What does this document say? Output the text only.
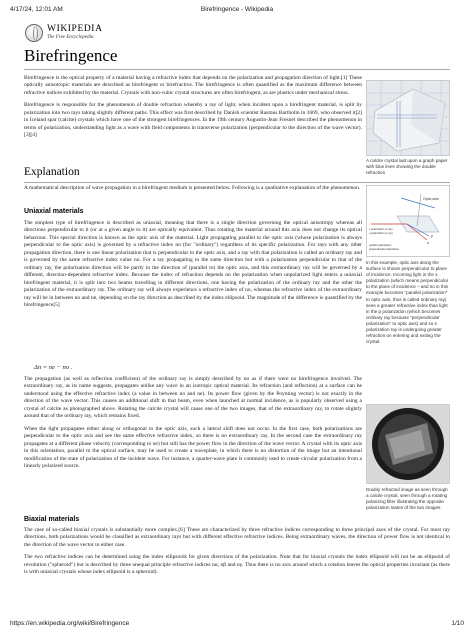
4/17/24, 12:01 AM	Birefringence - Wikipedia
WIKIPEDIA
The Free Encyclopedia
Birefringence

Birefringence is the optical property of a material having a refractive index that depends on the polarization and propagation direction of light.[1] These optically anisotropic materials are described as birefringent or birefractive. The birefringence is often quantified as the maximum difference between refractive indices exhibited by the material. Crystals with non-cubic crystal structures are often birefringent, as are plastics under mechanical stress.

Birefringence is responsible for the phenomenon of double refraction whereby a ray of light, when incident upon a birefringent material, is split by polarization into two rays taking slightly different paths. This effect was first described by Danish scientist Rasmus Bartholin in 1669, who observed it[2] in Iceland spar (calcite) crystals which have one of the strongest birefringences. In the 19th century Augustin-Jean Fresnel described the phenomenon in terms of polarization, understanding light as a wave with field components in transverse polarization (perpendicular to the direction of the wave vector).[3][4]

A calcite crystal laid upon a graph paper with blue lines showing the double refraction
Explanation

A mathematical description of wave propagation in a birefringent medium is presented below. Following is a qualitative explanation of the phenomenon.

Uniaxial materials

The simplest type of birefringence is described as uniaxial, meaning that there is a single direction governing the optical anisotropy whereas all directions perpendicular to it (or at a given angle to it) are optically equivalent. Thus rotating the material around this axis does not change its optical behaviour. This special direction is known as the optic axis of the material. Light propagating parallel to the optic axis (whose polarization is always perpendicular to the optic axis) is governed by a refractive index no (for "ordinary") regardless of its specific polarization. For rays with any other propagation direction, there is one linear polarization that is perpendicular to the optic axis, and a ray with that polarization is called an ordinary ray and is governed by the same refractive index value no. For a ray propagating in the same direction but with a polarization perpendicular to that of the ordinary ray, the polarization direction will be partly in the direction of (parallel to) the optic axis, and this extraordinary ray will be governed by a different, direction-dependent refractive index. Because the index of refraction depends on the polarization when unpolarized light enters a uniaxial birefringent material, it is split into two beams travelling in different directions, one having the polarization of the ordinary ray and the other the polarization of the extraordinary ray. The ordinary ray will always experience a refractive index of no, whereas the refractive index of the extraordinary ray will be in between no and ne, depending on the ray direction as described by the index ellipsoid. The magnitude of the difference is quantified by the birefringence[5]

Δn = ne − no .

The propagation (as well as reflection coefficient) of the ordinary ray is simply described by no as if there were no birefringence involved. The extraordinary ray, as its name suggests, propagates unlike any wave in an isotropic optical material. Its refraction (and reflection) at a surface can be understood using the effective refractive index (a value in between no and ne). Its power flow (given by the Poynting vector) is not exactly in the direction of the wave vector. This causes an additional shift in that beam, even when launched at normal incidence, as is popularly observed using a crystal of calcite as photographed above. Rotating the calcite crystal will cause one of the two images, that of the extraordinary ray, to rotate slightly around that of the ordinary ray, which remains fixed.

When the light propagates either along or orthogonal to the optic axis, such a lateral shift does not occur. In the first case, both polarizations are perpendicular to the optic axis and see the same effective refractive index, so there is no extraordinary ray. In the second case the extraordinary ray propagates at a different phase velocity (corresponding to ne) but still has the power flow in the direction of the wave vector. A crystal with its optic axis in this orientation, parallel to the optical surface, may be used to create a waveplate, in which there is no distortion of the image but an intentional modification of the state of polarization of the incident wave. For instance, a quarter-wave plate is commonly used to create circular polarization from a linearly polarized source.

Optic axis
s
p
s polarization (o ray)
p polarization (e ray)
parallel polarization
perpendicular polarization
In this example, optic axis along the surface is shown perpendicular to plane of incidence. Incoming light in the s polarization (which means perpendicular to the plane of incidence – and so in this example becomes "parallel polarization" to optic axis, thus is called ordinary ray) sees a greater refractive index than light in the p polarization (which becomes ordinary ray because "perpendicular polarization" to optic axis) and so s polarization ray is undergoing greater refraction on entering and exiting the crystal.
Doubly refracted image as seen through a calcite crystal, seen through a rotating polarizing filter illustrating the opposite polarization states of the two images.
Biaxial materials

The case of so-called biaxial crystals is substantially more complex.[6] These are characterized by three refractive indices corresponding to three principal axes of the crystal. For most ray directions, both polarizations would be classified as extraordinary rays but with different effective refractive indices. Being extraordinary waves, the direction of power flow is not identical to the direction of the wave vector in either case.

The two refractive indices can be determined using the index ellipsoids for given directions of the polarization. Note that for biaxial crystals the index ellipsoid will not be an ellipsoid of revolution ("spheroid") but is described by three unequal principle refractive indices nα, nβ and nγ. Thus there is no axis around which a rotation leaves the optical properties invariant (as there is with uniaxial crystals whose index ellipsoid is a spheroid).

https://en.wikipedia.org/wiki/Birefringence	1/10
